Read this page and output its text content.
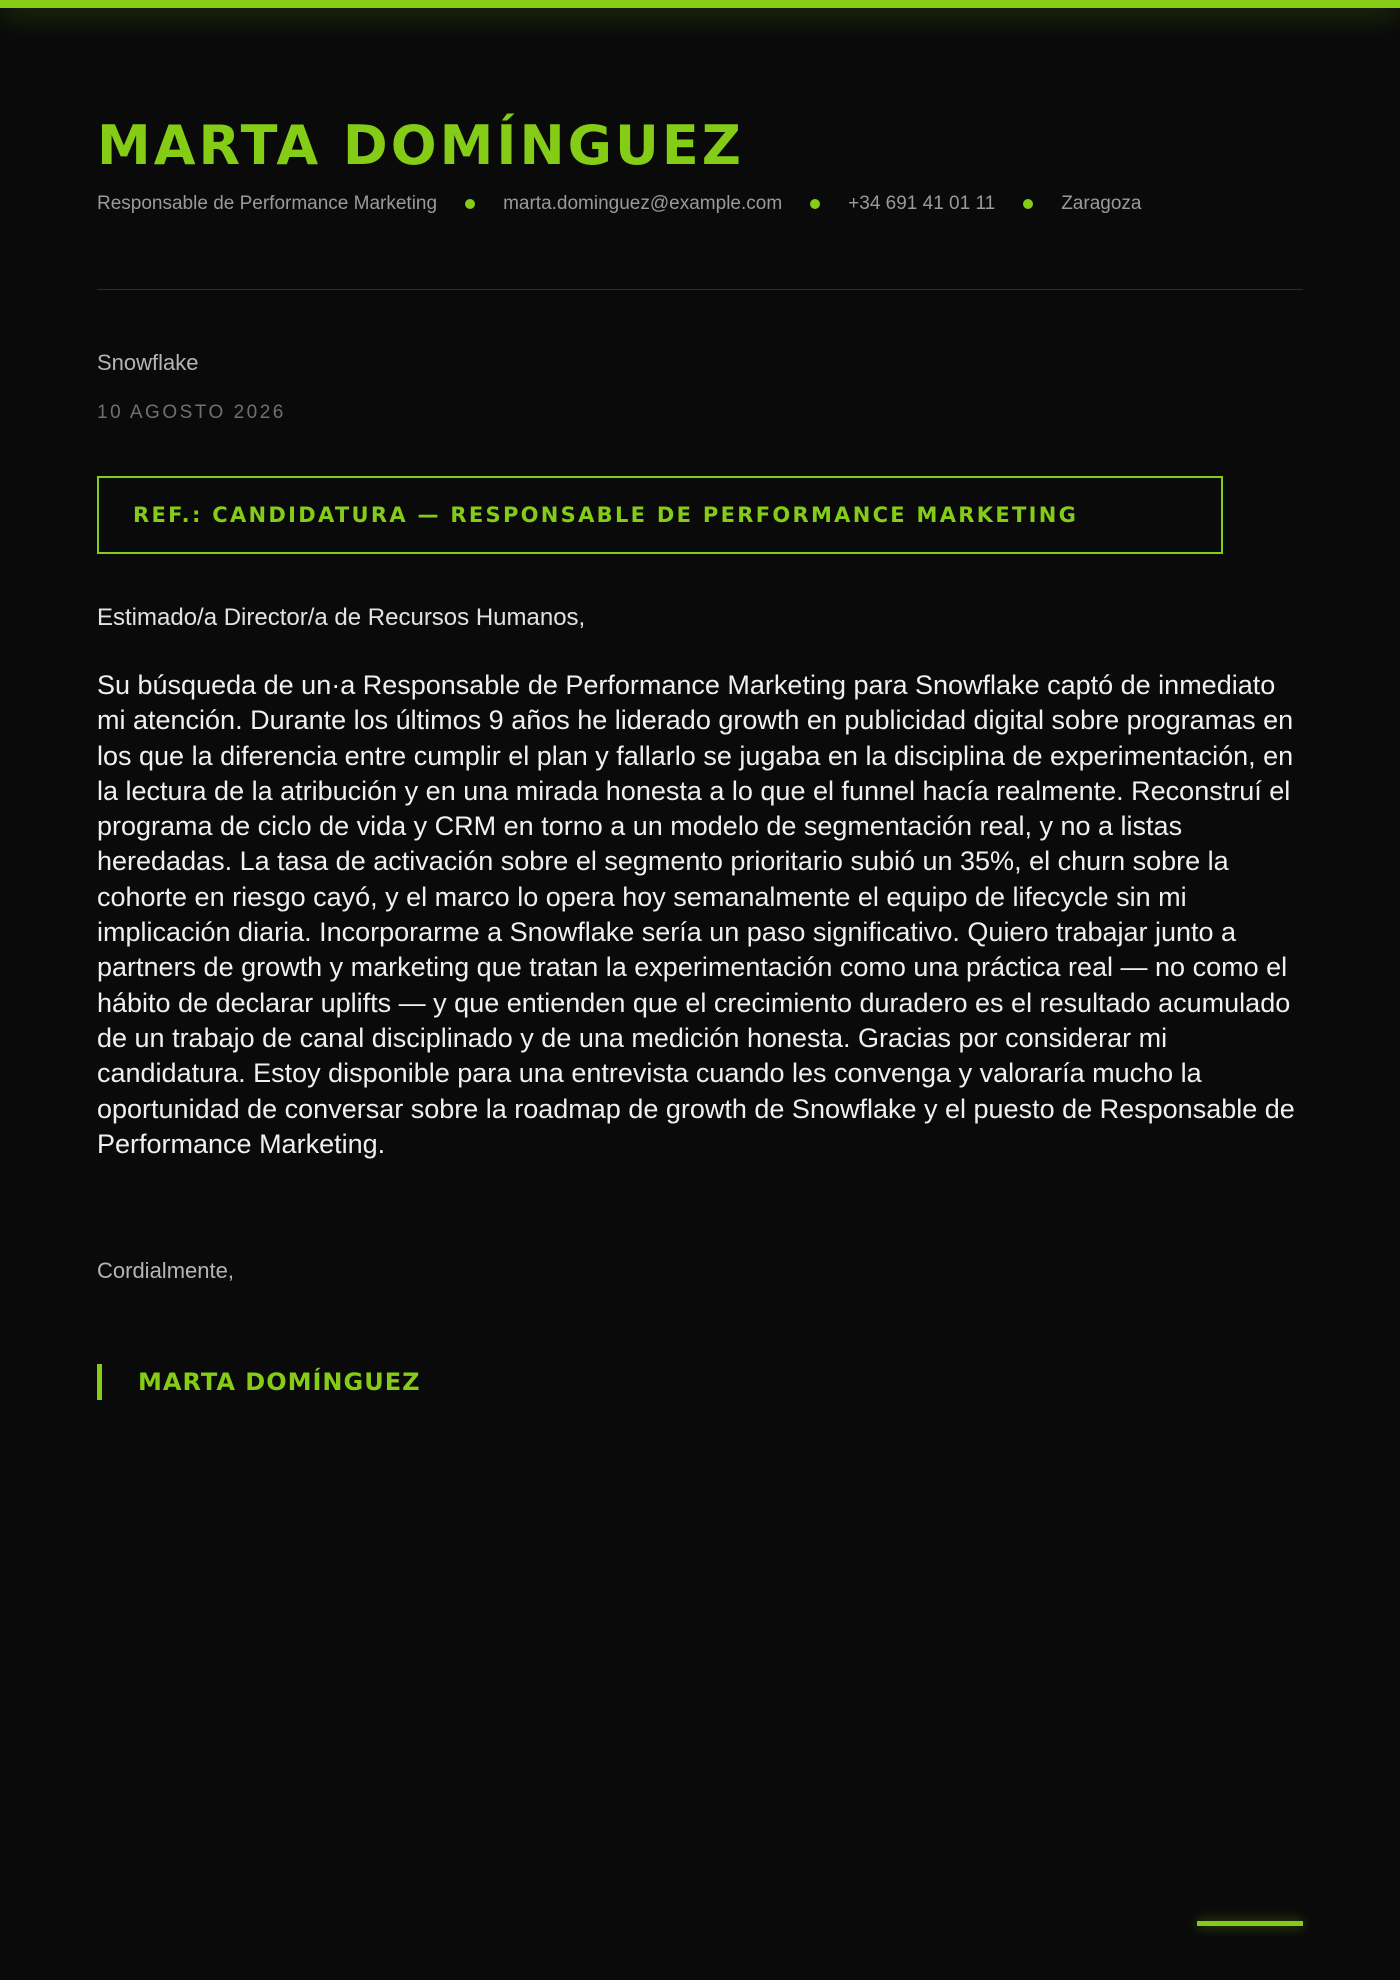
MARTA DOMÍNGUEZ
Responsable de Performance Marketing	marta.dominguez@example.com	+34 691 41 01 11	Zaragoza
Snowflake
10 AGOSTO 2026
REF.: CANDIDATURA — RESPONSABLE DE PERFORMANCE MARKETING
Estimado/a Director/a de Recursos Humanos,

Su búsqueda de un·a Responsable de Performance Marketing para Snowflake captó de inmediato mi atención. Durante los últimos 9 años he liderado growth en publicidad digital sobre programas en los que la diferencia entre cumplir el plan y fallarlo se jugaba en la disciplina de experimentación, en la lectura de la atribución y en una mirada honesta a lo que el funnel hacía realmente. Reconstruí el programa de ciclo de vida y CRM en torno a un modelo de segmentación real, y no a listas heredadas. La tasa de activación sobre el segmento prioritario subió un 35%, el churn sobre la cohorte en riesgo cayó, y el marco lo opera hoy semanalmente el equipo de lifecycle sin mi implicación diaria. Incorporarme a Snowflake sería un paso significativo. Quiero trabajar junto a partners de growth y marketing que tratan la experimentación como una práctica real — no como el hábito de declarar uplifts — y que entienden que el crecimiento duradero es el resultado acumulado de un trabajo de canal disciplinado y de una medición honesta. Gracias por considerar mi candidatura. Estoy disponible para una entrevista cuando les convenga y valoraría mucho la oportunidad de conversar sobre la roadmap de growth de Snowflake y el puesto de Responsable de Performance Marketing.

Cordialmente,
MARTA DOMÍNGUEZ
